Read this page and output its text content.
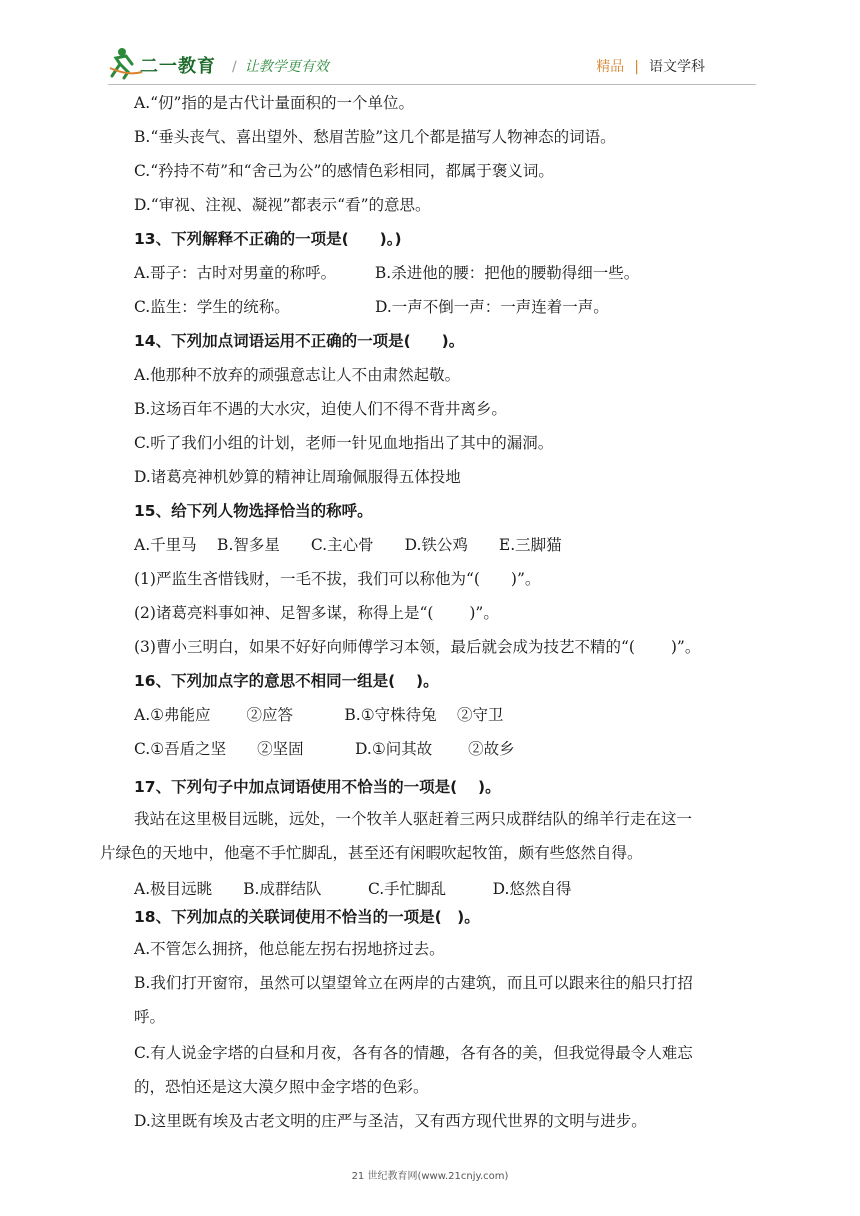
二一教育 / 让教学更有效	精品 | 语文学科
A.“仞”指的是古代计量面积的一个单位。
B.“垂头丧气、喜出望外、愁眉苦脸”这几个都是描写人物神态的词语。
C.“矜持不苟”和“舍己为公”的感情色彩相同，都属于褒义词。
D.“审视、注视、凝视”都表示“看”的意思。
13、下列解释不正确的一项是(　　)。)
A.哥子：古时对男童的称呼。　　　B.杀进他的腰：把他的腰勒得细一些。
C.监生：学生的统称。　　　　　　D.一声不倒一声：一声连着一声。
14、下列加点词语运用不正确的一项是(　　)。
A.他那种不放弃的顽强意志让人不由肃然起敬。
B.这场百年不遇的大水灾，迫使人们不得不背井离乡。
C.听了我们小组的计划，老师一针见血地指出了其中的漏洞。
D.诸葛亮神机妙算的精神让周瑜佩服得五体投地
15、给下列人物选择恰当的称呼。
A.千里马　 B.智多星　　C.主心骨　　D.铁公鸡　　E.三脚猫
(1)严监生吝惜钱财，一毛不拔，我们可以称他为“(　　)”。
(2)诸葛亮料事如神、足智多谋，称得上是“(　　 )”。
(3)曹小三明白，如果不好好向师傅学习本领，最后就会成为技艺不精的“(　　 )”。
16、下列加点字的意思不相同一组是(　 )。
A.①弗能应　　 ②应答　　　 B.①守株待兔　 ②守卫
C.①吾盾之坚　　②坚固　　　 D.①问其故　　 ②故乡
17、下列句子中加点词语使用不恰当的一项是(　 )。
我站在这里极目远眺，远处，一个牧羊人驱赶着三两只成群结队的绵羊行走在这一
片绿色的天地中，他毫不手忙脚乱，甚至还有闲暇吹起牧笛，颇有些悠然自得。
A.极目远眺　　B.成群结队　　　C.手忙脚乱　　　D.悠然自得
18、下列加点的关联词使用不恰当的一项是(　)。
A.不管怎么拥挤，他总能左拐右拐地挤过去。
B.我们打开窗帘，虽然可以望望耸立在两岸的古建筑，而且可以跟来往的船只打招
呼。
C.有人说金字塔的白昼和月夜，各有各的情趣，各有各的美，但我觉得最令人难忘
的，恐怕还是这大漠夕照中金字塔的色彩。
D.这里既有埃及古老文明的庄严与圣洁，又有西方现代世界的文明与进步。
21 世纪教育网(www.21cnjy.com)
